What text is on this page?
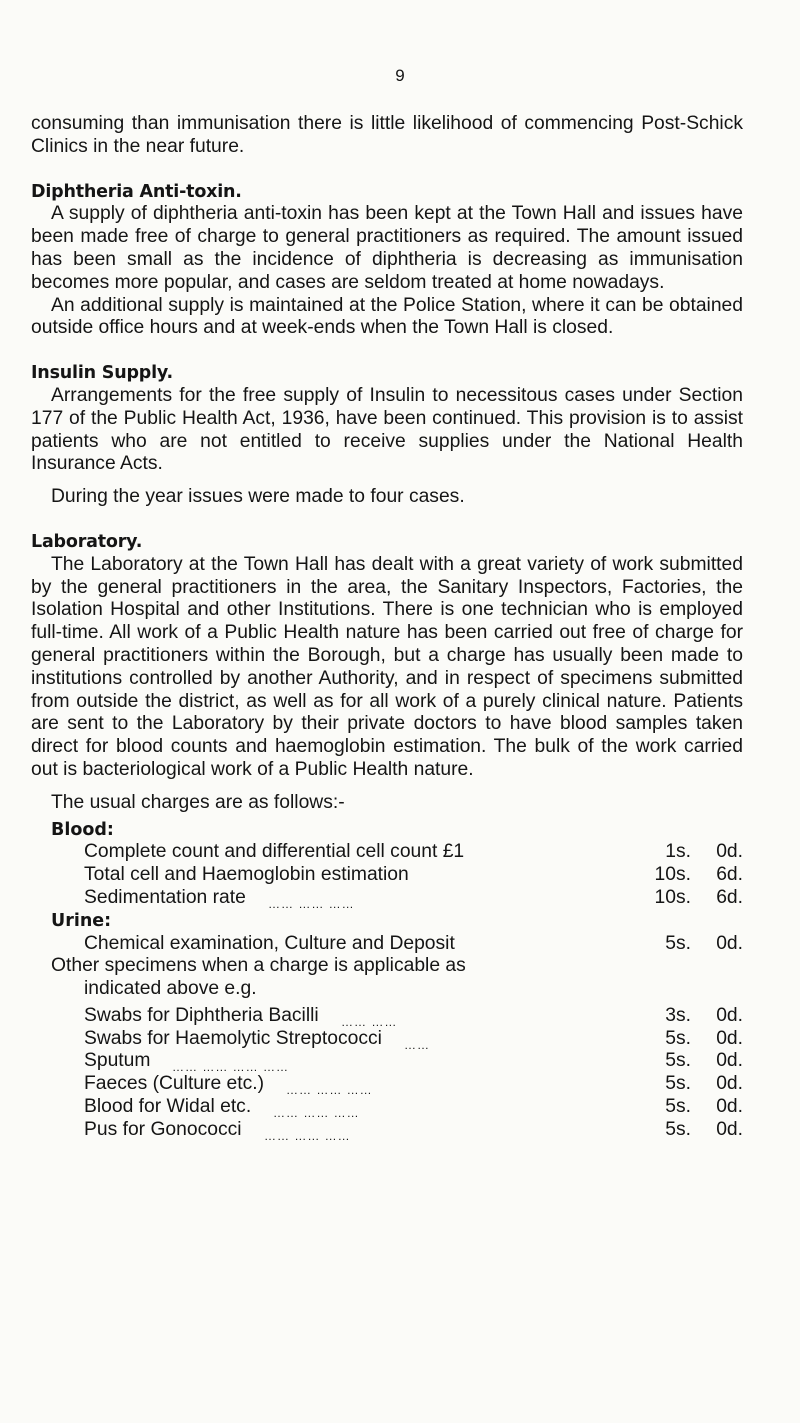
9

consuming than immunisation there is little likelihood of commencing Post-Schick Clinics in the near future.

Diphtheria Anti-toxin.

A supply of diphtheria anti-toxin has been kept at the Town Hall and issues have been made free of charge to general practitioners as required. The amount issued has been small as the incidence of diphtheria is decreasing as immunisation becomes more popular, and cases are seldom treated at home nowadays.

An additional supply is maintained at the Police Station, where it can be obtained outside office hours and at week-ends when the Town Hall is closed.

Insulin Supply.

Arrangements for the free supply of Insulin to necessitous cases under Section 177 of the Public Health Act, 1936, have been continued. This provision is to assist patients who are not entitled to receive supplies under the National Health Insurance Acts.

During the year issues were made to four cases.

Laboratory.

The Laboratory at the Town Hall has dealt with a great variety of work submitted by the general practitioners in the area, the Sanitary Inspectors, Factories, the Isolation Hospital and other Institutions. There is one technician who is employed full-time. All work of a Public Health nature has been carried out free of charge for general practitioners within the Borough, but a charge has usually been made to institutions controlled by another Authority, and in respect of specimens submitted from outside the district, as well as for all work of a purely clinical nature. Patients are sent to the Laboratory by their private doctors to have blood samples taken direct for blood counts and haemoglobin estimation. The bulk of the work carried out is bacteriological work of a Public Health nature.

The usual charges are as follows:-
Blood:
Complete count and differential cell count £1	1s.	0d.
Total cell and Haemoglobin estimation	10s.	6d.
Sedimentation rate …… …… ……	10s.	6d.
Urine:
Chemical examination, Culture and Deposit	5s.	0d.
Other specimens when a charge is applicable as
indicated above e.g.
Swabs for Diphtheria Bacilli …… ……	3s.	0d.
Swabs for Haemolytic Streptococci ……	5s.	0d.
Sputum …… …… …… ……	5s.	0d.
Faeces (Culture etc.) …… …… ……	5s.	0d.
Blood for Widal etc. …… …… ……	5s.	0d.
Pus for Gonococci …… …… ……	5s.	0d.
